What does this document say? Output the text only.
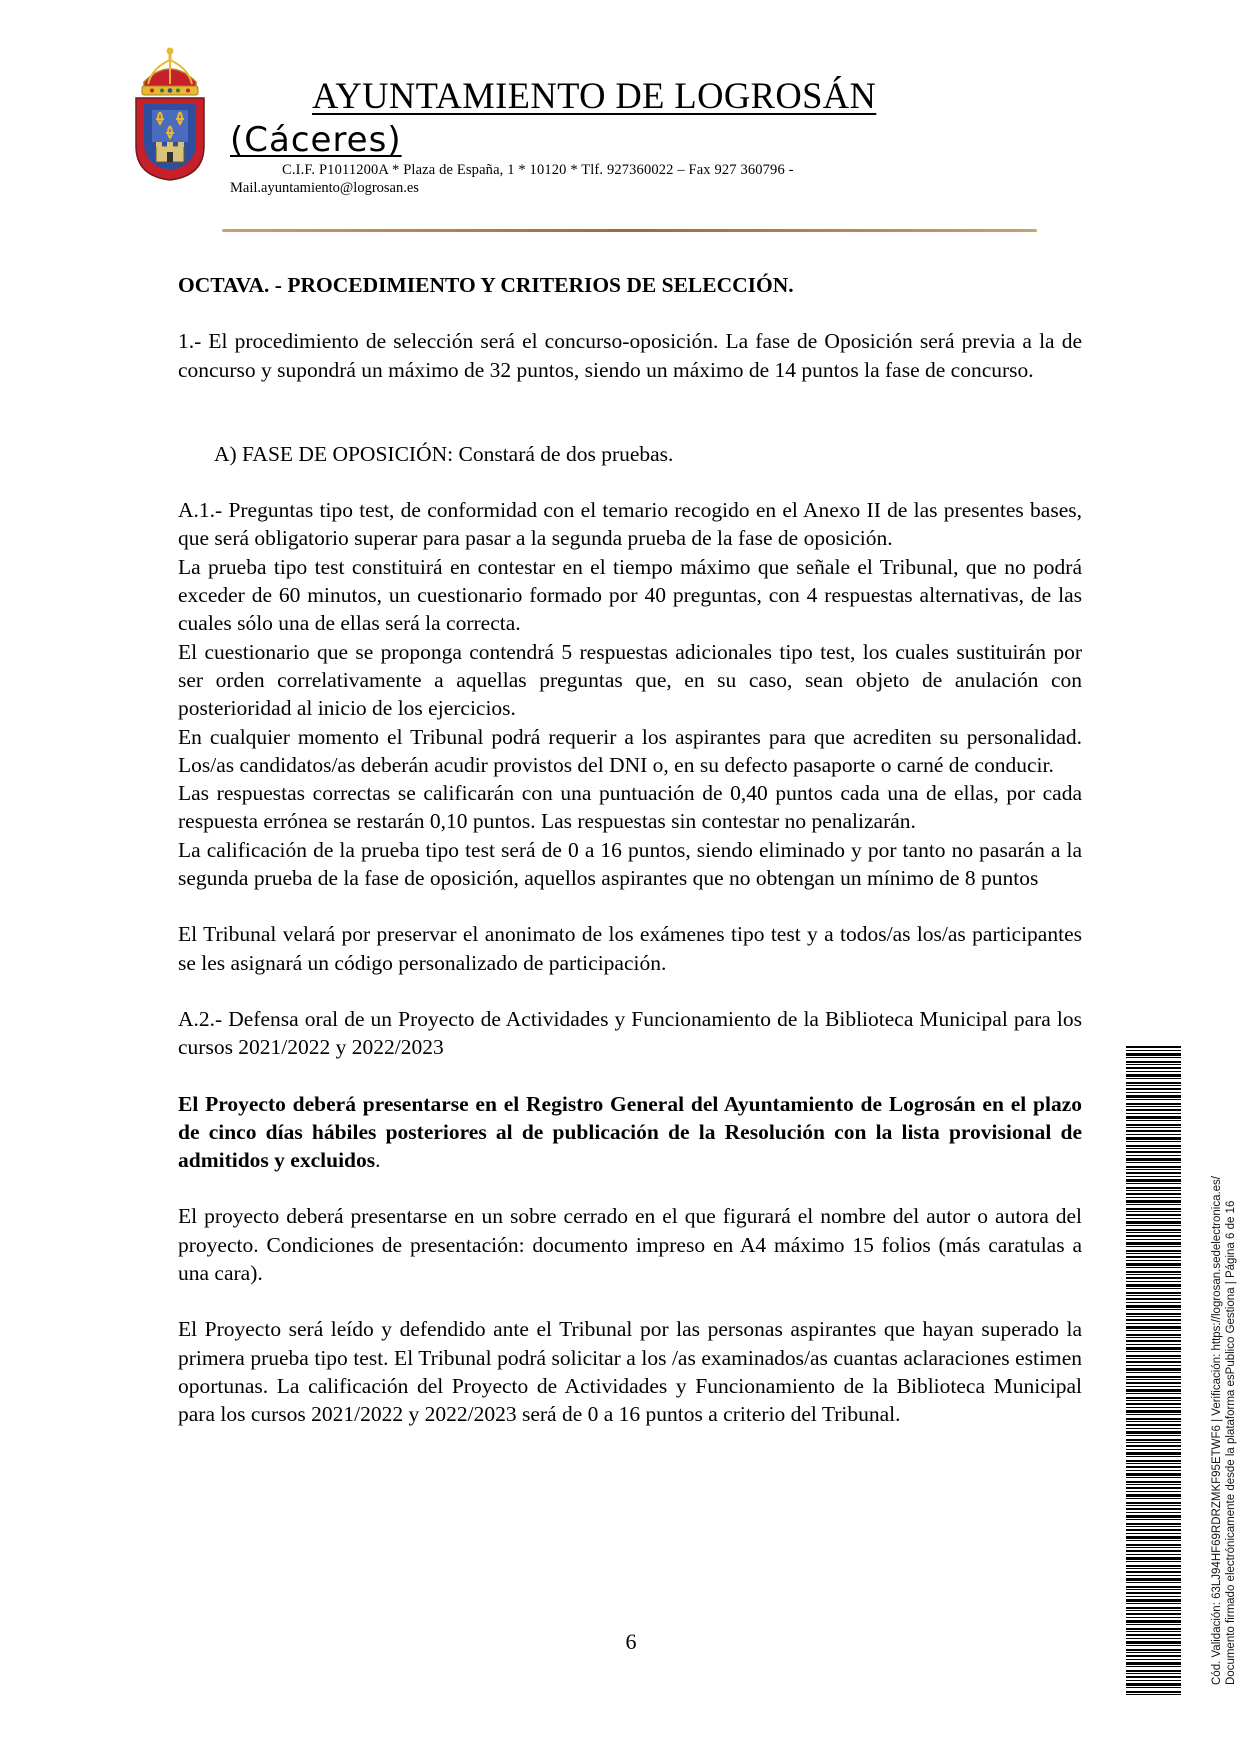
AYUNTAMIENTO DE LOGROSÁN
(Cáceres)
C.I.F. P1011200A * Plaza de España, 1 * 10120 * Tlf. 927360022 – Fax 927 360796 -
Mail.ayuntamiento@logrosan.es

OCTAVA. - PROCEDIMIENTO Y CRITERIOS DE SELECCIÓN.

1.- El procedimiento de selección será el concurso-oposición. La fase de Oposición será previa a la de concurso y supondrá un máximo de 32 puntos, siendo un máximo de 14 puntos la fase de concurso.

A) FASE DE OPOSICIÓN: Constará de dos pruebas.

A.1.- Preguntas tipo test, de conformidad con el temario recogido en el Anexo II de las presentes bases, que será obligatorio superar para pasar a la segunda prueba de la fase de oposición.

La prueba tipo test constituirá en contestar en el tiempo máximo que señale el Tribunal, que no podrá exceder de 60 minutos, un cuestionario formado por 40 preguntas, con 4 respuestas alternativas, de las cuales sólo una de ellas será la correcta.

El cuestionario que se proponga contendrá 5 respuestas adicionales tipo test, los cuales sustituirán por ser orden correlativamente a aquellas preguntas que, en su caso, sean objeto de anulación con posterioridad al inicio de los ejercicios.

En cualquier momento el Tribunal podrá requerir a los aspirantes para que acrediten su personalidad. Los/as candidatos/as deberán acudir provistos del DNI o, en su defecto pasaporte o carné de conducir.

Las respuestas correctas se calificarán con una puntuación de 0,40 puntos cada una de ellas, por cada respuesta errónea se restarán 0,10 puntos. Las respuestas sin contestar no penalizarán.

La calificación de la prueba tipo test será de 0 a 16 puntos, siendo eliminado y por tanto no pasarán a la segunda prueba de la fase de oposición, aquellos aspirantes que no obtengan un mínimo de 8 puntos

El Tribunal velará por preservar el anonimato de los exámenes tipo test y a todos/as los/as participantes se les asignará un código personalizado de participación.

A.2.- Defensa oral de un Proyecto de Actividades y Funcionamiento de la Biblioteca Municipal para los cursos 2021/2022 y 2022/2023

El Proyecto deberá presentarse en el Registro General del Ayuntamiento de Logrosán en el plazo de cinco días hábiles posteriores al de publicación de la Resolución con la lista provisional de admitidos y excluidos.

El proyecto deberá presentarse en un sobre cerrado en el que figurará el nombre del autor o autora del proyecto. Condiciones de presentación: documento impreso en A4 máximo 15 folios (más caratulas a una cara).

El Proyecto será leído y defendido ante el Tribunal por las personas aspirantes que hayan superado la primera prueba tipo test. El Tribunal podrá solicitar a los /as examinados/as cuantas aclaraciones estimen oportunas. La calificación del Proyecto de Actividades y Funcionamiento de la Biblioteca Municipal para los cursos 2021/2022 y 2022/2023 será de 0 a 16 puntos a criterio del Tribunal.

6	Cód. Validación: 63LJ94HF69RDRZMKF95ETWF6 | Verificación: https://logrosan.sedelectronica.es/ Documento firmado electrónicamente desde la plataforma esPublico Gestiona | Página 6 de 16
